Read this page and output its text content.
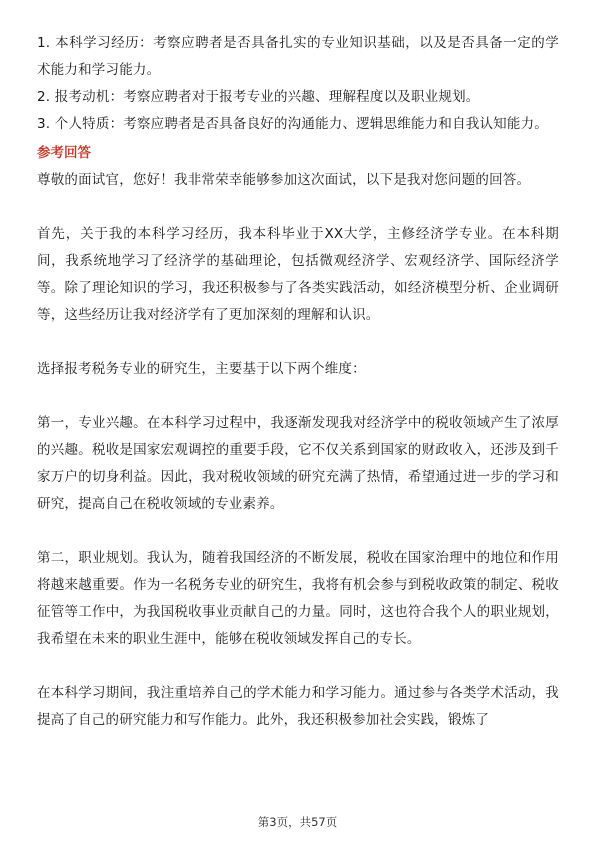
1. 本科学习经历：考察应聘者是否具备扎实的专业知识基础，以及是否具备一定的学术能力和学习能力。

2. 报考动机：考察应聘者对于报考专业的兴趣、理解程度以及职业规划。

3. 个人特质：考察应聘者是否具备良好的沟通能力、逻辑思维能力和自我认知能力。

参考回答

尊敬的面试官，您好！我非常荣幸能够参加这次面试，以下是我对您问题的回答。

首先，关于我的本科学习经历，我本科毕业于XX大学，主修经济学专业。在本科期间，我系统地学习了经济学的基础理论，包括微观经济学、宏观经济学、国际经济学等。除了理论知识的学习，我还积极参与了各类实践活动，如经济模型分析、企业调研等，这些经历让我对经济学有了更加深刻的理解和认识。

选择报考税务专业的研究生，主要基于以下两个维度：

第一，专业兴趣。在本科学习过程中，我逐渐发现我对经济学中的税收领域产生了浓厚的兴趣。税收是国家宏观调控的重要手段，它不仅关系到国家的财政收入，还涉及到千家万户的切身利益。因此，我对税收领域的研究充满了热情，希望通过进一步的学习和研究，提高自己在税收领域的专业素养。

第二，职业规划。我认为，随着我国经济的不断发展，税收在国家治理中的地位和作用将越来越重要。作为一名税务专业的研究生，我将有机会参与到税收政策的制定、税收征管等工作中，为我国税收事业贡献自己的力量。同时，这也符合我个人的职业规划，我希望在未来的职业生涯中，能够在税收领域发挥自己的专长。

在本科学习期间，我注重培养自己的学术能力和学习能力。通过参与各类学术活动，我提高了自己的研究能力和写作能力。此外，我还积极参加社会实践，锻炼了

第3页，共57页
